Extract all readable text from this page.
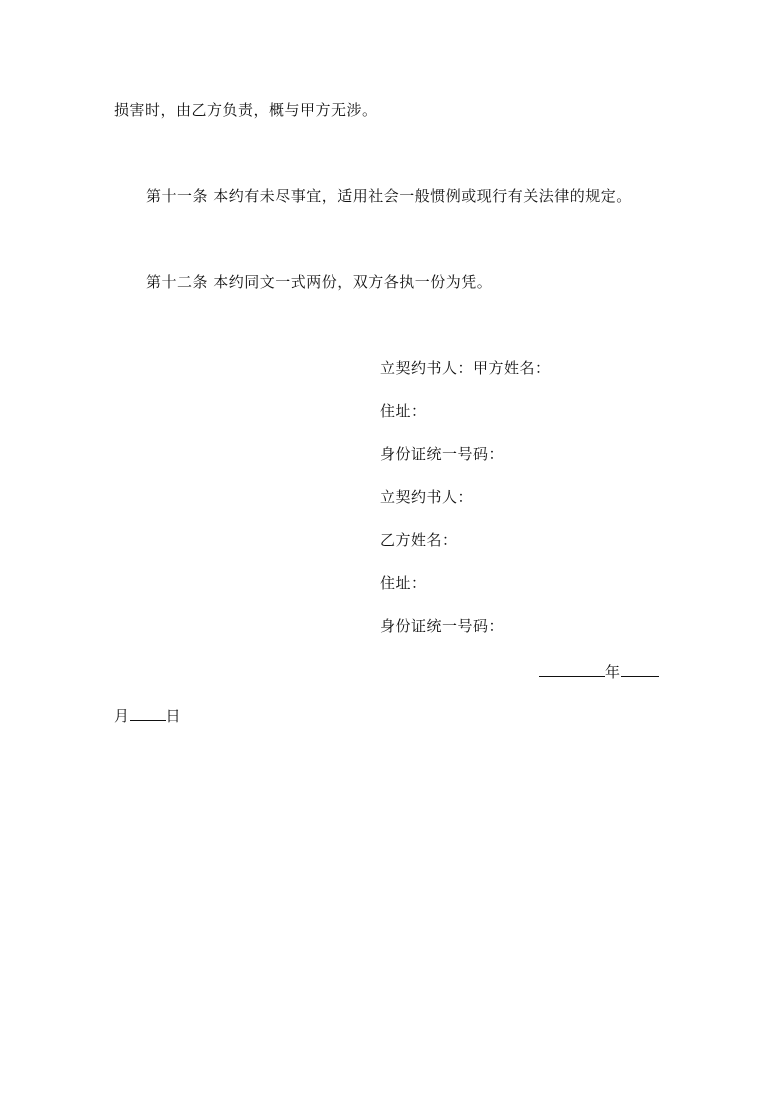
损害时，由乙方负责，概与甲方无涉。
第十一条 本约有未尽事宜，适用社会一般惯例或现行有关法律的规定。
第十二条 本约同文一式两份，双方各执一份为凭。
立契约书人：甲方姓名：
住址：
身份证统一号码：
立契约书人：
乙方姓名：
住址：
身份证统一号码：
年
月 日
